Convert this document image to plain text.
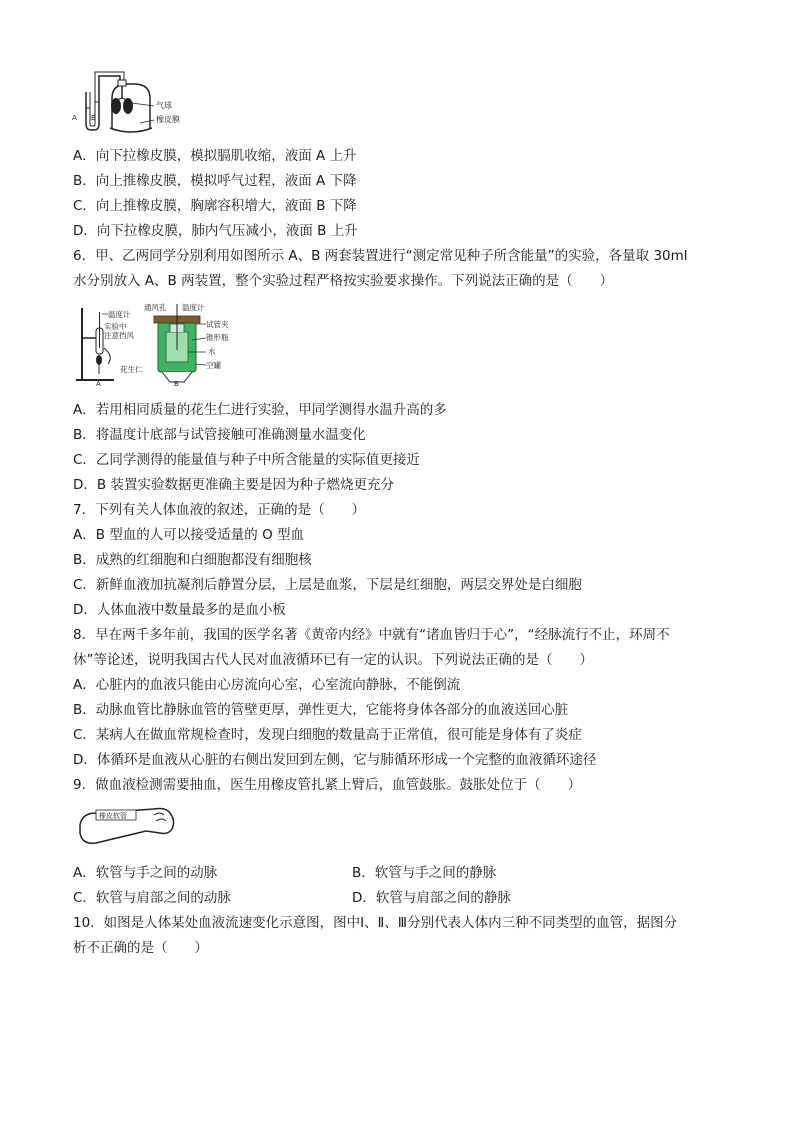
A B
气球
橡皮膜
A．向下拉橡皮膜，模拟膈肌收缩，液面 A 上升
B．向上推橡皮膜，模拟呼气过程，液面 A 下降
C．向上推橡皮膜，胸廓容积增大，液面 B 下降
D．向下拉橡皮膜，肺内气压减小，液面 B 上升
6．甲、乙两同学分别利用如图所示 A、B 两套装置进行“测定常见种子所含能量”的实验，各量取 30ml
水分别放入 A、B 两装置，整个实验过程严格按实验要求操作。下列说法正确的是（　　）
温度计
实验中
注意挡风
花生仁
A
通风孔 温度计
试管夹
锥形瓶
水
空罐
B
A．若用相同质量的花生仁进行实验，甲同学测得水温升高的多
B．将温度计底部与试管接触可准确测量水温变化
C．乙同学测得的能量值与种子中所含能量的实际值更接近
D．B 装置实验数据更准确主要是因为种子燃烧更充分
7．下列有关人体血液的叙述，正确的是（　　）
A．B 型血的人可以接受适量的 O 型血
B．成熟的红细胞和白细胞都没有细胞核
C．新鲜血液加抗凝剂后静置分层，上层是血浆，下层是红细胞，两层交界处是白细胞
D．人体血液中数量最多的是血小板
8．早在两千多年前，我国的医学名著《黄帝内经》中就有“诸血皆归于心”，“经脉流行不止，环周不
休”等论述，说明我国古代人民对血液循环已有一定的认识。下列说法正确的是（　　）
A．心脏内的血液只能由心房流向心室，心室流向静脉，不能倒流
B．动脉血管比静脉血管的管壁更厚，弹性更大，它能将身体各部分的血液送回心脏
C．某病人在做血常规检查时，发现白细胞的数量高于正常值，很可能是身体有了炎症
D．体循环是血液从心脏的右侧出发回到左侧，它与肺循环形成一个完整的血液循环途径
9．做血液检测需要抽血，医生用橡皮管扎紧上臂后，血管鼓胀。鼓胀处位于（　　）
橡皮软管
A．软管与手之间的动脉	B．软管与手之间的静脉
C．软管与肩部之间的动脉	D．软管与肩部之间的静脉
10．如图是人体某处血液流速变化示意图，图中Ⅰ、Ⅱ、Ⅲ分别代表人体内三种不同类型的血管，据图分
析不正确的是（　　）
